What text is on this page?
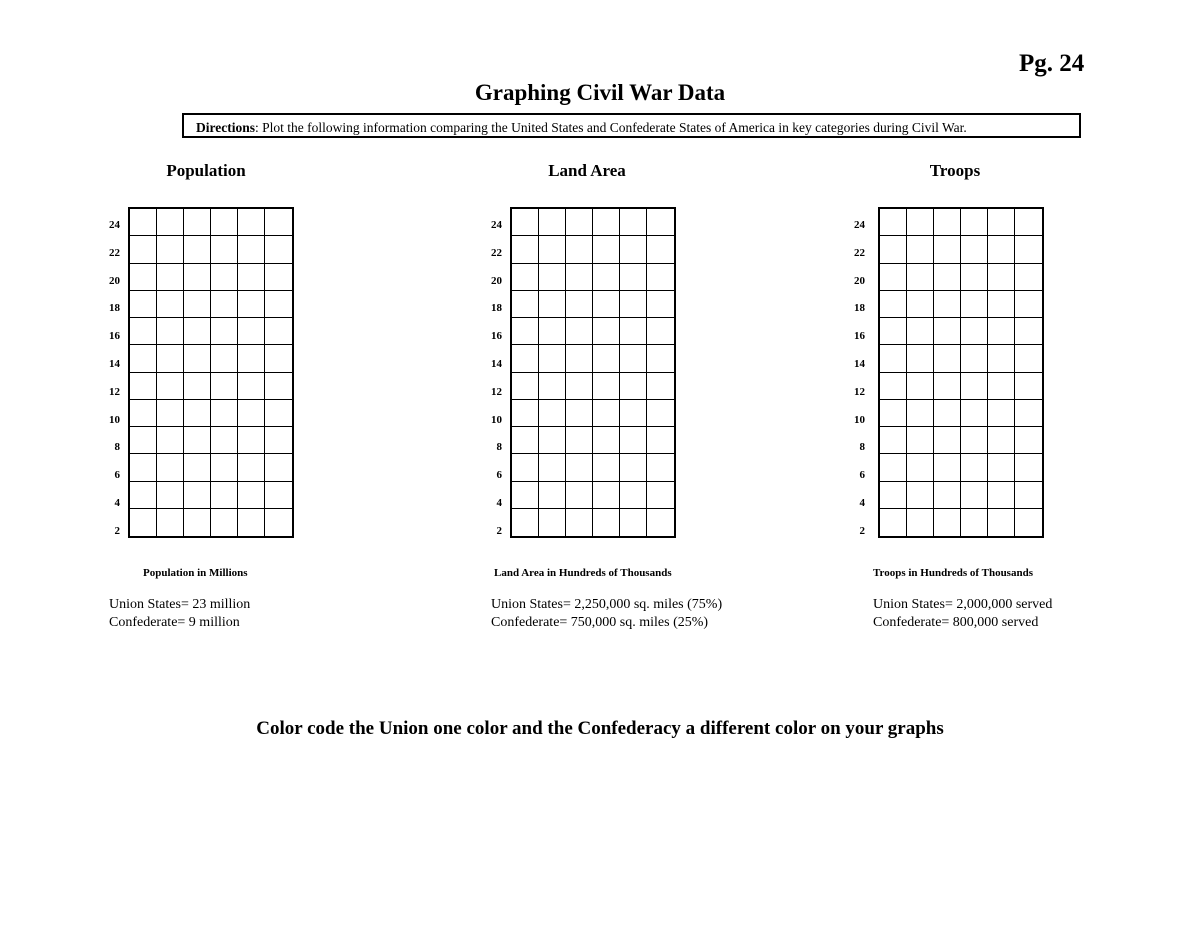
Pg. 24
Graphing Civil War Data
Directions: Plot the following information comparing the United States and Confederate States of America in key categories during Civil War.
Population
24
22
20
18
16
14
12
10
8
6
4
2
Population in Millions
Union States= 23 million
Confederate= 9 million
Land Area
24
22
20
18
16
14
12
10
8
6
4
2
Land Area in Hundreds of Thousands
Union States= 2,250,000 sq. miles (75%)
Confederate= 750,000 sq. miles (25%)
Troops
24
22
20
18
16
14
12
10
8
6
4
2
Troops in Hundreds of Thousands
Union States= 2,000,000 served
Confederate= 800,000 served
Color code the Union one color and the Confederacy a different color on your graphs
